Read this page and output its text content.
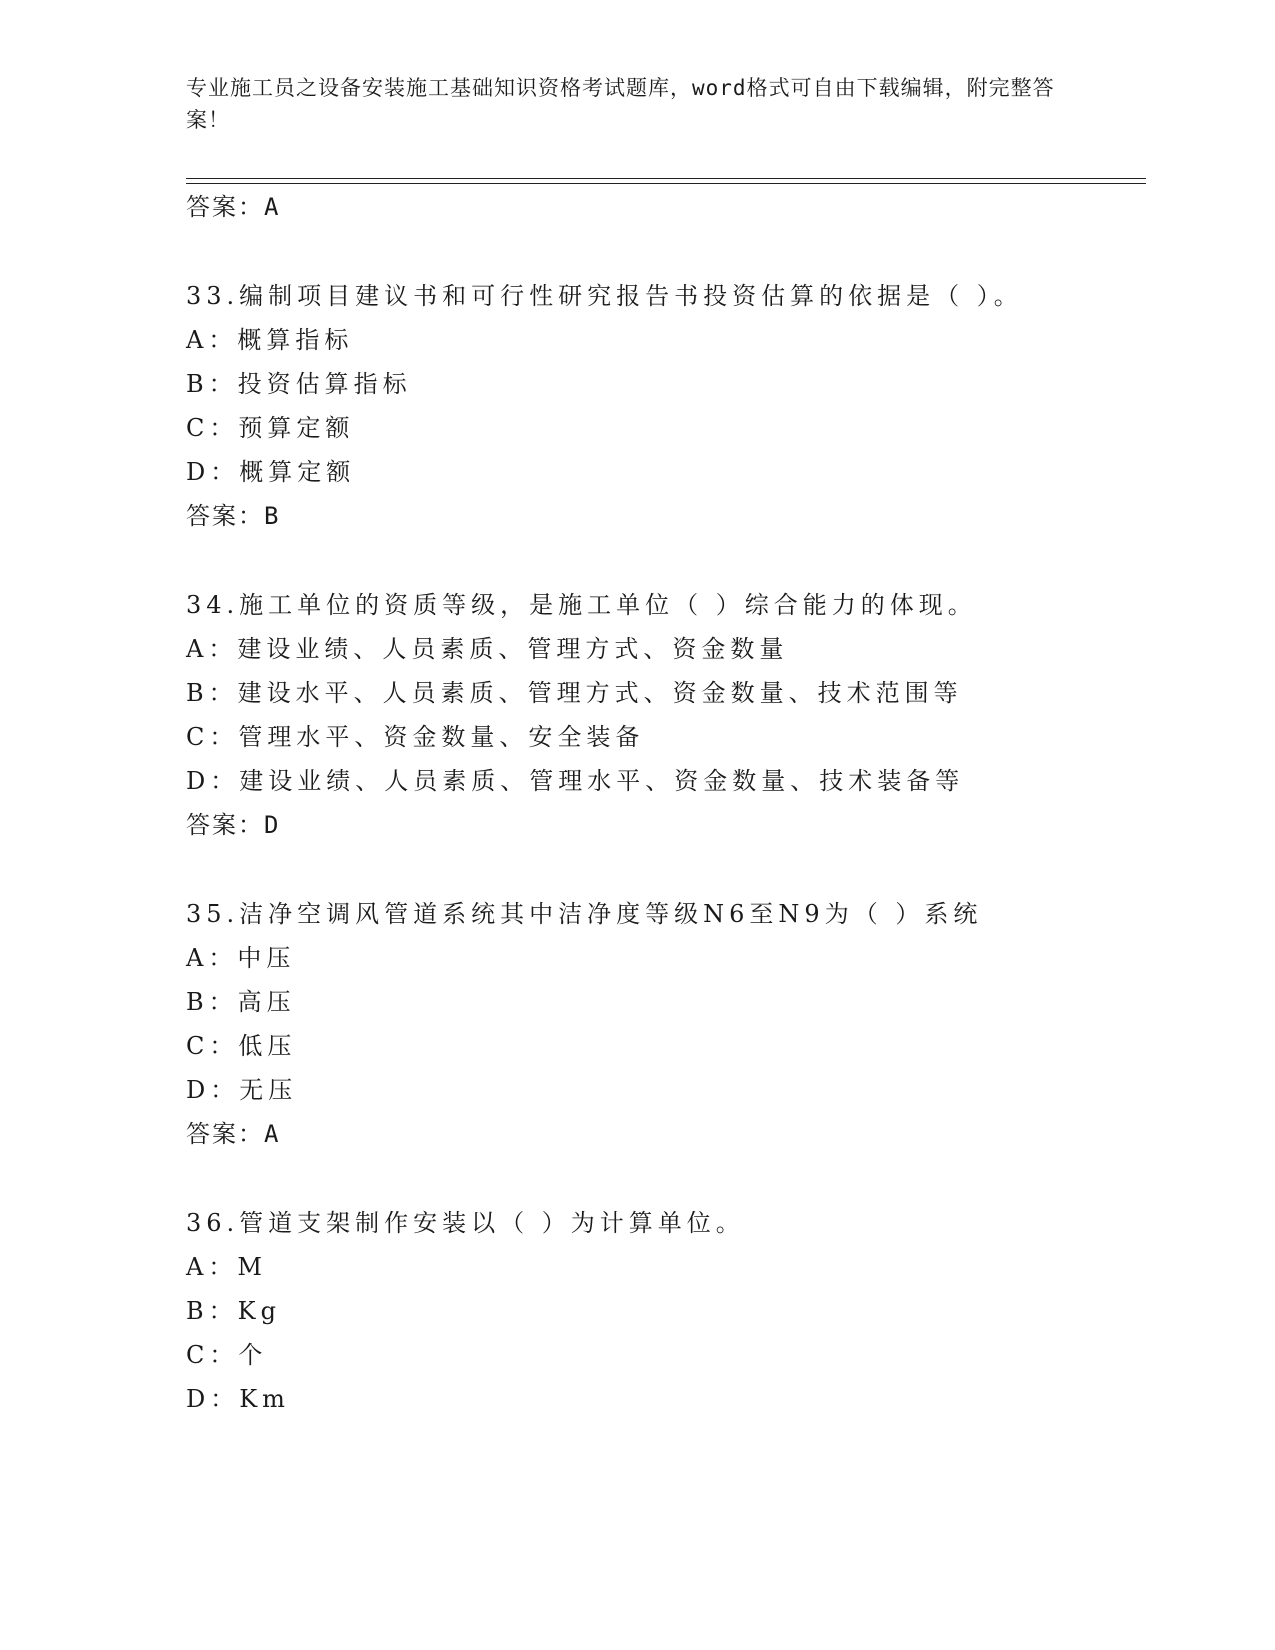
专业施工员之设备安装施工基础知识资格考试题库，word格式可自由下载编辑，附完整答案！
答案：A
33.编制项目建议书和可行性研究报告书投资估算的依据是（ ）。
A：概算指标
B：投资估算指标
C：预算定额
D：概算定额
答案：B
34.施工单位的资质等级，是施工单位（ ）综合能力的体现。
A：建设业绩、人员素质、管理方式、资金数量
B：建设水平、人员素质、管理方式、资金数量、技术范围等
C：管理水平、资金数量、安全装备
D：建设业绩、人员素质、管理水平、资金数量、技术装备等
答案：D
35.洁净空调风管道系统其中洁净度等级N6至N9为（ ）系统
A：中压
B：高压
C：低压
D：无压
答案：A
36.管道支架制作安装以（ ）为计算单位。
A：M
B：Kg
C：个
D：Km
